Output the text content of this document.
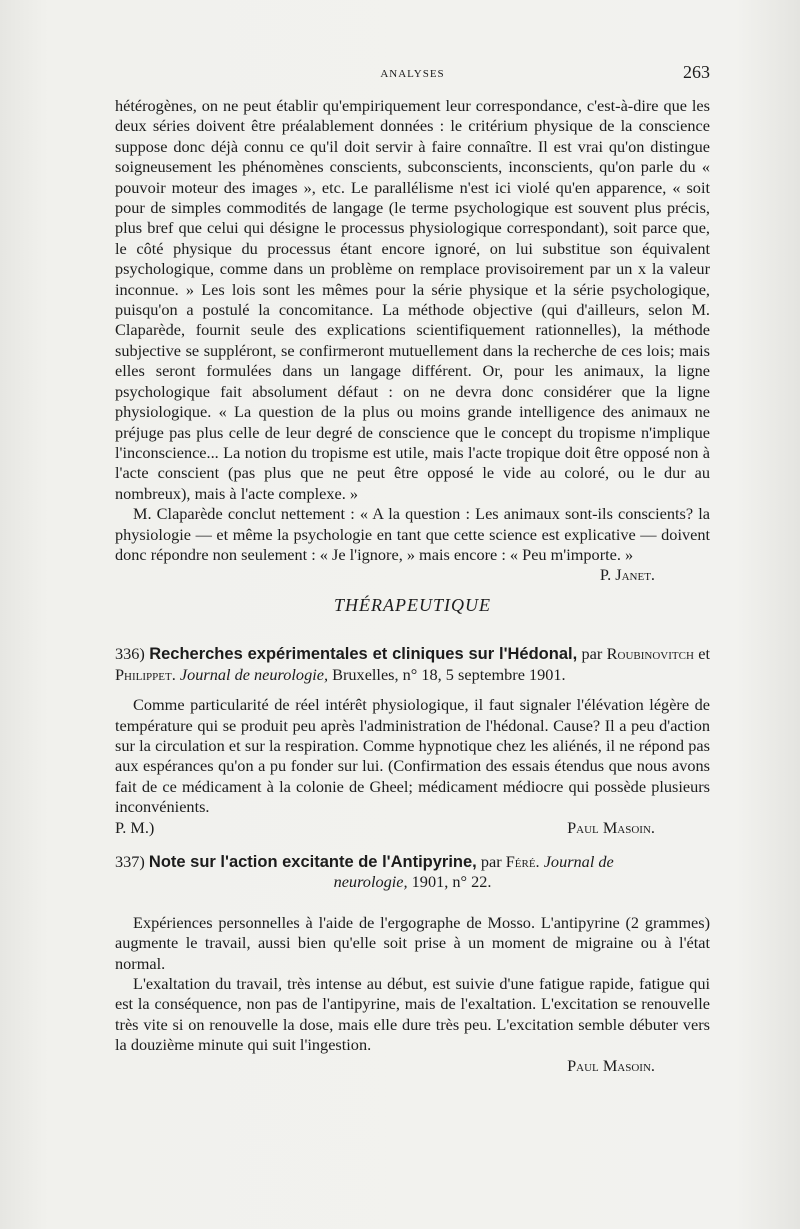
ANALYSES	263

hétérogènes, on ne peut établir qu'empiriquement leur correspondance, c'est-à-dire que les deux séries doivent être préalablement données : le critérium physique de la conscience suppose donc déjà connu ce qu'il doit servir à faire connaître. Il est vrai qu'on distingue soigneusement les phénomènes conscients, subconscients, inconscients, qu'on parle du « pouvoir moteur des images », etc. Le parallélisme n'est ici violé qu'en apparence, « soit pour de simples commodités de langage (le terme psychologique est souvent plus précis, plus bref que celui qui désigne le processus physiologique correspondant), soit parce que, le côté physique du processus étant encore ignoré, on lui substitue son équivalent psychologique, comme dans un problème on remplace provisoirement par un x la valeur inconnue. » Les lois sont les mêmes pour la série physique et la série psychologique, puisqu'on a postulé la concomitance. La méthode objective (qui d'ailleurs, selon M. Claparède, fournit seule des explications scientifiquement rationnelles), la méthode subjective se suppléront, se confirmeront mutuellement dans la recherche de ces lois; mais elles seront formulées dans un langage différent. Or, pour les animaux, la ligne psychologique fait absolument défaut : on ne devra donc considérer que la ligne physiologique. « La question de la plus ou moins grande intelligence des animaux ne préjuge pas plus celle de leur degré de conscience que le concept du tropisme n'implique l'inconscience... La notion du tropisme est utile, mais l'acte tropique doit être opposé non à l'acte conscient (pas plus que ne peut être opposé le vide au coloré, ou le dur au nombreux), mais à l'acte complexe. »

M. Claparède conclut nettement : « A la question : Les animaux sont-ils conscients? la physiologie — et même la psychologie en tant que cette science est explicative — doivent donc répondre non seulement : « Je l'ignore, » mais encore : « Peu m'importe. »
P. Janet.

THÉRAPEUTIQUE
336) Recherches expérimentales et cliniques sur l'Hédonal, par Roubinovitch et Philippet. Journal de neurologie, Bruxelles, n° 18, 5 septembre 1901.

Comme particularité de réel intérêt physiologique, il faut signaler l'élévation légère de température qui se produit peu après l'administration de l'hédonal. Cause? Il a peu d'action sur la circulation et sur la respiration. Comme hypnotique chez les aliénés, il ne répond pas aux espérances qu'on a pu fonder sur lui. (Confirmation des essais étendus que nous avons fait de ce médicament à la colonie de Gheel; médicament médiocre qui possède plusieurs inconvénients.

P. M.)	Paul Masoin.

337) Note sur l'action excitante de l'Antipyrine, par Féré. Journal de
neurologie, 1901, n° 22.

Expériences personnelles à l'aide de l'ergographe de Mosso. L'antipyrine (2 grammes) augmente le travail, aussi bien qu'elle soit prise à un moment de migraine ou à l'état normal.

L'exaltation du travail, très intense au début, est suivie d'une fatigue rapide, fatigue qui est la conséquence, non pas de l'antipyrine, mais de l'exaltation. L'excitation se renouvelle très vite si on renouvelle la dose, mais elle dure très peu. L'excitation semble débuter vers la douzième minute qui suit l'ingestion.

Paul Masoin.
